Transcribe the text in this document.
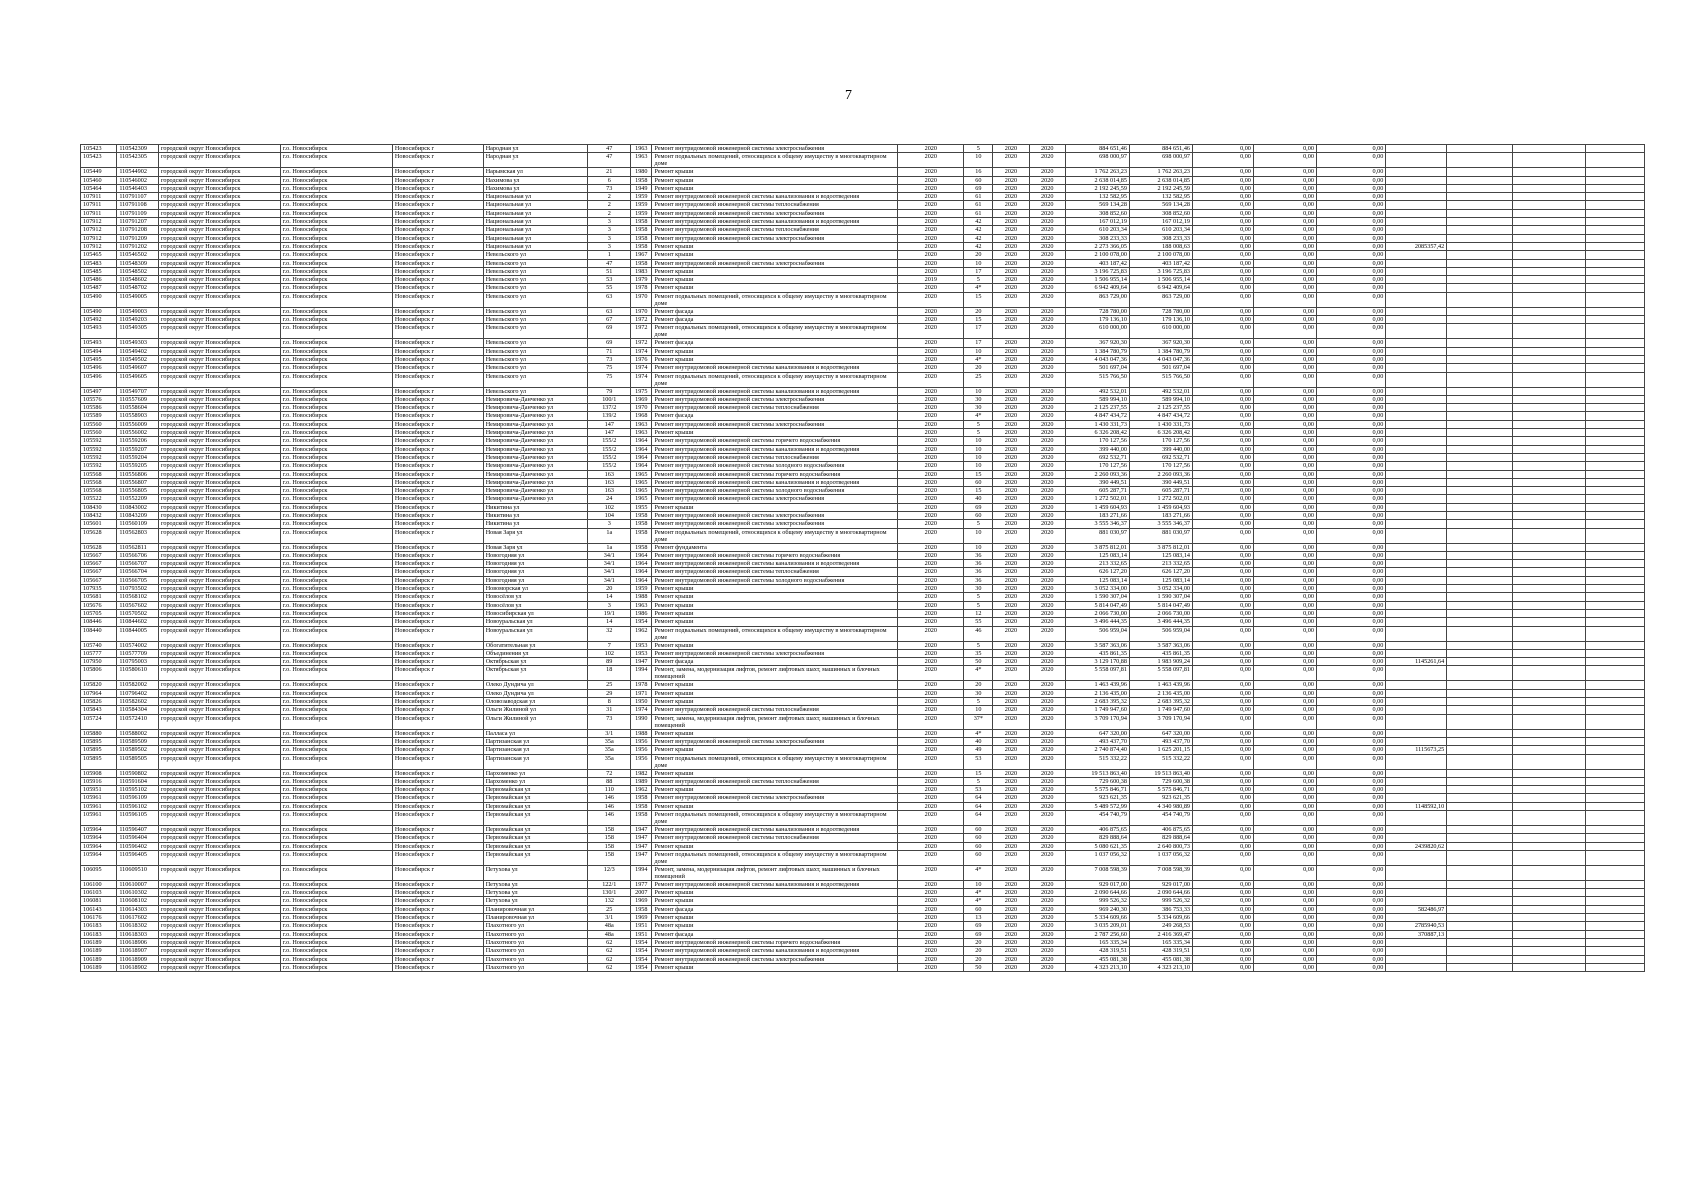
7
105423	110542309	городской округ Новосибирск	г.о. Новосибирск	Новосибирск г	Народная ул	47	1963	Ремонт внутридомовой инженерной системы электроснабжения	2020	5	2020	2020	884 651,46	884 651,46	0,00	0,00	0,00				
105423	110542305	городской округ Новосибирск	г.о. Новосибирск	Новосибирск г	Народная ул	47	1963	Ремонт подвальных помещений, относящихся к общему имуществу в многоквартирном доме	2020	10	2020	2020	698 000,97	698 000,97	0,00	0,00	0,00				
105449	110544902	городской округ Новосибирск	г.о. Новосибирск	Новосибирск г	Нарымская ул	21	1980	Ремонт крыши	2020	16	2020	2020	1 762 263,23	1 762 263,23	0,00	0,00	0,00				
105460	110546002	городской округ Новосибирск	г.о. Новосибирск	Новосибирск г	Нахимова ул	6	1958	Ремонт крыши	2020	60	2020	2020	2 638 014,85	2 638 014,85	0,00	0,00	0,00				
105464	110546403	городской округ Новосибирск	г.о. Новосибирск	Новосибирск г	Нахимова ул	73	1949	Ремонт крыши	2020	69	2020	2020	2 192 245,59	2 192 245,59	0,00	0,00	0,00				
107911	110791107	городской округ Новосибирск	г.о. Новосибирск	Новосибирск г	Национальная ул	2	1959	Ремонт внутридомовой инженерной системы канализования и водоотведения	2020	61	2020	2020	132 582,95	132 582,95	0,00	0,00	0,00				
107911	110791108	городской округ Новосибирск	г.о. Новосибирск	Новосибирск г	Национальная ул	2	1959	Ремонт внутридомовой инженерной системы теплоснабжения	2020	61	2020	2020	569 134,28	569 134,28	0,00	0,00	0,00				
107911	110791109	городской округ Новосибирск	г.о. Новосибирск	Новосибирск г	Национальная ул	2	1959	Ремонт внутридомовой инженерной системы электроснабжения	2020	61	2020	2020	308 852,60	308 852,60	0,00	0,00	0,00				
107912	110791207	городской округ Новосибирск	г.о. Новосибирск	Новосибирск г	Национальная ул	3	1958	Ремонт внутридомовой инженерной системы канализования и водоотведения	2020	42	2020	2020	167 012,19	167 012,19	0,00	0,00	0,00				
107912	110791208	городской округ Новосибирск	г.о. Новосибирск	Новосибирск г	Национальная ул	3	1958	Ремонт внутридомовой инженерной системы теплоснабжения	2020	42	2020	2020	610 203,34	610 203,34	0,00	0,00	0,00				
107912	110791209	городской округ Новосибирск	г.о. Новосибирск	Новосибирск г	Национальная ул	3	1958	Ремонт внутридомовой инженерной системы электроснабжения	2020	42	2020	2020	308 233,33	308 233,33	0,00	0,00	0,00				
107912	110791202	городской округ Новосибирск	г.о. Новосибирск	Новосибирск г	Национальная ул	3	1958	Ремонт крыши	2020	42	2020	2020	2 273 366,05	188 008,63	0,00	0,00	0,00	2085357,42			
105465	110546502	городской округ Новосибирск	г.о. Новосибирск	Новосибирск г	Невельского ул	1	1967	Ремонт крыши	2020	20	2020	2020	2 100 078,00	2 100 078,00	0,00	0,00	0,00				
105483	110548309	городской округ Новосибирск	г.о. Новосибирск	Новосибирск г	Невельского ул	47	1958	Ремонт внутридомовой инженерной системы электроснабжения	2020	10	2020	2020	403 187,42	403 187,42	0,00	0,00	0,00				
105485	110548502	городской округ Новосибирск	г.о. Новосибирск	Новосибирск г	Невельского ул	51	1983	Ремонт крыши	2020	17	2020	2020	3 196 725,83	3 196 725,83	0,00	0,00	0,00				
105486	110548602	городской округ Новосибирск	г.о. Новосибирск	Новосибирск г	Невельского ул	53	1979	Ремонт крыши	2019	5	2020	2020	1 506 955,14	1 506 955,14	0,00	0,00	0,00				
105487	110548702	городской округ Новосибирск	г.о. Новосибирск	Новосибирск г	Невельского ул	55	1978	Ремонт крыши	2020	4*	2020	2020	6 942 409,64	6 942 409,64	0,00	0,00	0,00				
105490	110549005	городской округ Новосибирск	г.о. Новосибирск	Новосибирск г	Невельского ул	63	1970	Ремонт подвальных помещений, относящихся к общему имуществу в многоквартирном доме	2020	15	2020	2020	863 729,00	863 729,00	0,00	0,00	0,00				
105490	110549003	городской округ Новосибирск	г.о. Новосибирск	Новосибирск г	Невельского ул	63	1970	Ремонт фасада	2020	20	2020	2020	728 780,00	728 780,00	0,00	0,00	0,00				
105492	110549203	городской округ Новосибирск	г.о. Новосибирск	Новосибирск г	Невельского ул	67	1972	Ремонт фасада	2020	15	2020	2020	179 136,10	179 136,10	0,00	0,00	0,00				
105493	110549305	городской округ Новосибирск	г.о. Новосибирск	Новосибирск г	Невельского ул	69	1972	Ремонт подвальных помещений, относящихся к общему имуществу в многоквартирном доме	2020	17	2020	2020	610 000,00	610 000,00	0,00	0,00	0,00				
105493	110549303	городской округ Новосибирск	г.о. Новосибирск	Новосибирск г	Невельского ул	69	1972	Ремонт фасада	2020	17	2020	2020	367 920,30	367 920,30	0,00	0,00	0,00				
105494	110549402	городской округ Новосибирск	г.о. Новосибирск	Новосибирск г	Невельского ул	71	1974	Ремонт крыши	2020	10	2020	2020	1 384 780,79	1 384 780,79	0,00	0,00	0,00				
105495	110549502	городской округ Новосибирск	г.о. Новосибирск	Новосибирск г	Невельского ул	73	1976	Ремонт крыши	2020	4*	2020	2020	4 043 047,36	4 043 047,36	0,00	0,00	0,00				
105496	110549607	городской округ Новосибирск	г.о. Новосибирск	Новосибирск г	Невельского ул	75	1974	Ремонт внутридомовой инженерной системы канализования и водоотведения	2020	20	2020	2020	501 697,04	501 697,04	0,00	0,00	0,00				
105496	110549605	городской округ Новосибирск	г.о. Новосибирск	Новосибирск г	Невельского ул	75	1974	Ремонт подвальных помещений, относящихся к общему имуществу в многоквартирном доме	2020	25	2020	2020	515 766,50	515 766,50	0,00	0,00	0,00				
105497	110549707	городской округ Новосибирск	г.о. Новосибирск	Новосибирск г	Невельского ул	79	1975	Ремонт внутридомовой инженерной системы канализования и водоотведения	2020	10	2020	2020	492 532,01	492 532,01	0,00	0,00	0,00				
105576	110557609	городской округ Новосибирск	г.о. Новосибирск	Новосибирск г	Немировича-Данченко ул	100/1	1969	Ремонт внутридомовой инженерной системы электроснабжения	2020	30	2020	2020	589 994,10	589 994,10	0,00	0,00	0,00				
105586	110558604	городской округ Новосибирск	г.о. Новосибирск	Новосибирск г	Немировича-Данченко ул	137/2	1970	Ремонт внутридомовой инженерной системы теплоснабжения	2020	30	2020	2020	2 125 237,55	2 125 237,55	0,00	0,00	0,00				
105589	110558903	городской округ Новосибирск	г.о. Новосибирск	Новосибирск г	Немировича-Данченко ул	139/2	1968	Ремонт фасада	2020	4*	2020	2020	4 847 434,72	4 847 434,72	0,00	0,00	0,00				
105560	110556009	городской округ Новосибирск	г.о. Новосибирск	Новосибирск г	Немировича-Данченко ул	147	1963	Ремонт внутридомовой инженерной системы электроснабжения	2020	5	2020	2020	1 430 331,73	1 430 331,73	0,00	0,00	0,00				
105560	110556002	городской округ Новосибирск	г.о. Новосибирск	Новосибирск г	Немировича-Данченко ул	147	1963	Ремонт крыши	2020	5	2020	2020	6 326 208,42	6 326 208,42	0,00	0,00	0,00				
105592	110559206	городской округ Новосибирск	г.о. Новосибирск	Новосибирск г	Немировича-Данченко ул	155/2	1964	Ремонт внутридомовой инженерной системы горячего водоснабжения	2020	10	2020	2020	170 127,56	170 127,56	0,00	0,00	0,00				
105592	110559207	городской округ Новосибирск	г.о. Новосибирск	Новосибирск г	Немировича-Данченко ул	155/2	1964	Ремонт внутридомовой инженерной системы канализования и водоотведения	2020	10	2020	2020	399 440,00	399 440,00	0,00	0,00	0,00				
105592	110559204	городской округ Новосибирск	г.о. Новосибирск	Новосибирск г	Немировича-Данченко ул	155/2	1964	Ремонт внутридомовой инженерной системы теплоснабжения	2020	10	2020	2020	692 532,71	692 532,71	0,00	0,00	0,00				
105592	110559205	городской округ Новосибирск	г.о. Новосибирск	Новосибирск г	Немировича-Данченко ул	155/2	1964	Ремонт внутридомовой инженерной системы холодного водоснабжения	2020	10	2020	2020	170 127,56	170 127,56	0,00	0,00	0,00				
105568	110556806	городской округ Новосибирск	г.о. Новосибирск	Новосибирск г	Немировича-Данченко ул	163	1965	Ремонт внутридомовой инженерной системы горячего водоснабжения	2020	15	2020	2020	2 260 093,36	2 260 093,36	0,00	0,00	0,00				
105568	110556807	городской округ Новосибирск	г.о. Новосибирск	Новосибирск г	Немировича-Данченко ул	163	1965	Ремонт внутридомовой инженерной системы канализования и водоотведения	2020	60	2020	2020	390 449,51	390 449,51	0,00	0,00	0,00				
105568	110556805	городской округ Новосибирск	г.о. Новосибирск	Новосибирск г	Немировича-Данченко ул	163	1965	Ремонт внутридомовой инженерной системы холодного водоснабжения	2020	15	2020	2020	605 287,71	605 287,71	0,00	0,00	0,00				
105522	110552209	городской округ Новосибирск	г.о. Новосибирск	Новосибирск г	Немировича-Данченко ул	24	1965	Ремонт внутридомовой инженерной системы электроснабжения	2020	40	2020	2020	1 272 502,01	1 272 502,01	0,00	0,00	0,00				
108430	110843002	городской округ Новосибирск	г.о. Новосибирск	Новосибирск г	Никитина ул	102	1955	Ремонт крыши	2020	69	2020	2020	1 459 604,93	1 459 604,93	0,00	0,00	0,00				
108432	110843209	городской округ Новосибирск	г.о. Новосибирск	Новосибирск г	Никитина ул	104	1958	Ремонт внутридомовой инженерной системы электроснабжения	2020	60	2020	2020	183 271,66	183 271,66	0,00	0,00	0,00				
105601	110560109	городской округ Новосибирск	г.о. Новосибирск	Новосибирск г	Никитина ул	3	1958	Ремонт внутридомовой инженерной системы электроснабжения	2020	5	2020	2020	3 555 346,37	3 555 346,37	0,00	0,00	0,00				
105628	110562803	городской округ Новосибирск	г.о. Новосибирск	Новосибирск г	Новая Заря ул	1а	1958	Ремонт подвальных помещений, относящихся к общему имуществу в многоквартирном доме	2020	10	2020	2020	881 030,97	881 030,97	0,00	0,00	0,00				
105628	110562811	городской округ Новосибирск	г.о. Новосибирск	Новосибирск г	Новая Заря ул	1а	1958	Ремонт фундамента	2020	10	2020	2020	3 875 812,01	3 875 812,01	0,00	0,00	0,00				
105667	110566706	городской округ Новосибирск	г.о. Новосибирск	Новосибирск г	Новогодняя ул	34/1	1964	Ремонт внутридомовой инженерной системы горячего водоснабжения	2020	36	2020	2020	125 083,14	125 083,14	0,00	0,00	0,00				
105667	110566707	городской округ Новосибирск	г.о. Новосибирск	Новосибирск г	Новогодняя ул	34/1	1964	Ремонт внутридомовой инженерной системы канализования и водоотведения	2020	36	2020	2020	213 332,65	213 332,65	0,00	0,00	0,00				
105667	110566704	городской округ Новосибирск	г.о. Новосибирск	Новосибирск г	Новогодняя ул	34/1	1964	Ремонт внутридомовой инженерной системы теплоснабжения	2020	36	2020	2020	626 127,20	626 127,20	0,00	0,00	0,00				
105667	110566705	городской округ Новосибирск	г.о. Новосибирск	Новосибирск г	Новогодняя ул	34/1	1964	Ремонт внутридомовой инженерной системы холодного водоснабжения	2020	36	2020	2020	125 083,14	125 083,14	0,00	0,00	0,00				
107935	110793502	городской округ Новосибирск	г.о. Новосибирск	Новосибирск г	Новоморская ул	20	1959	Ремонт крыши	2020	30	2020	2020	3 052 334,00	3 052 334,00	0,00	0,00	0,00				
105681	110568102	городской округ Новосибирск	г.о. Новосибирск	Новосибирск г	Новосёлов ул	14	1988	Ремонт крыши	2020	5	2020	2020	1 590 307,04	1 590 307,04	0,00	0,00	0,00				
105676	110567602	городской округ Новосибирск	г.о. Новосибирск	Новосибирск г	Новосёлов ул	3	1963	Ремонт крыши	2020	5	2020	2020	5 814 047,49	5 814 047,49	0,00	0,00	0,00				
105705	110570502	городской округ Новосибирск	г.о. Новосибирск	Новосибирск г	Новосибирская ул	19/1	1986	Ремонт крыши	2020	12	2020	2020	2 066 730,00	2 066 730,00	0,00	0,00	0,00				
108446	110844602	городской округ Новосибирск	г.о. Новосибирск	Новосибирск г	Новоуральская ул	14	1954	Ремонт крыши	2020	55	2020	2020	3 496 444,35	3 496 444,35	0,00	0,00	0,00				
108440	110844005	городской округ Новосибирск	г.о. Новосибирск	Новосибирск г	Новоуральская ул	32	1962	Ремонт подвальных помещений, относящихся к общему имуществу в многоквартирном доме	2020	46	2020	2020	506 959,04	506 959,04	0,00	0,00	0,00				
105740	110574002	городской округ Новосибирск	г.о. Новосибирск	Новосибирск г	Обогатительная ул	7	1953	Ремонт крыши	2020	5	2020	2020	3 587 363,06	3 587 363,06	0,00	0,00	0,00				
105777	110577709	городской округ Новосибирск	г.о. Новосибирск	Новосибирск г	Объединения ул	102	1953	Ремонт внутридомовой инженерной системы электроснабжения	2020	35	2020	2020	435 861,35	435 861,35	0,00	0,00	0,00				
107950	110795003	городской округ Новосибирск	г.о. Новосибирск	Новосибирск г	Октябрьская ул	89	1947	Ремонт фасада	2020	50	2020	2020	3 129 170,88	1 983 909,24	0,00	0,00	0,00	1145261,64			
105806	110580610	городской округ Новосибирск	г.о. Новосибирск	Новосибирск г	Октябрьская ул	18	1994	Ремонт, замена, модернизация лифтов, ремонт лифтовых шахт, машинных и блочных помещений	2020	4*	2020	2020	5 558 097,81	5 558 097,81	0,00	0,00	0,00				
105820	110582002	городской округ Новосибирск	г.о. Новосибирск	Новосибирск г	Олеко Дундича ул	25	1978	Ремонт крыши	2020	20	2020	2020	1 463 439,96	1 463 439,96	0,00	0,00	0,00				
107964	110796402	городской округ Новосибирск	г.о. Новосибирск	Новосибирск г	Олеко Дундича ул	29	1971	Ремонт крыши	2020	30	2020	2020	2 136 435,00	2 136 435,00	0,00	0,00	0,00				
105826	110582602	городской округ Новосибирск	г.о. Новосибирск	Новосибирск г	Оловозаводская ул	8	1950	Ремонт крыши	2020	5	2020	2020	2 683 395,32	2 683 395,32	0,00	0,00	0,00				
105843	110584304	городской округ Новосибирск	г.о. Новосибирск	Новосибирск г	Ольги Жилиной ул	31	1974	Ремонт внутридомовой инженерной системы теплоснабжения	2020	10	2020	2020	1 749 947,60	1 749 947,60	0,00	0,00	0,00				
105724	110572410	городской округ Новосибирск	г.о. Новосибирск	Новосибирск г	Ольги Жилиной ул	73	1990	Ремонт, замена, модернизация лифтов, ремонт лифтовых шахт, машинных и блочных помещений	2020	37*	2020	2020	3 709 170,94	3 709 170,94	0,00	0,00	0,00				
105880	110588002	городской округ Новосибирск	г.о. Новосибирск	Новосибирск г	Палласа ул	3/1	1988	Ремонт крыши	2020	4*	2020	2020	647 320,00	647 320,00	0,00	0,00	0,00				
105895	110589509	городской округ Новосибирск	г.о. Новосибирск	Новосибирск г	Партизанская ул	35а	1956	Ремонт внутридомовой инженерной системы электроснабжения	2020	40	2020	2020	493 437,70	493 437,70	0,00	0,00	0,00				
105895	110589502	городской округ Новосибирск	г.о. Новосибирск	Новосибирск г	Партизанская ул	35а	1956	Ремонт крыши	2020	49	2020	2020	2 740 874,40	1 625 201,15	0,00	0,00	0,00	1115673,25			
105895	110589505	городской округ Новосибирск	г.о. Новосибирск	Новосибирск г	Партизанская ул	35а	1956	Ремонт подвальных помещений, относящихся к общему имуществу в многоквартирном доме	2020	53	2020	2020	515 332,22	515 332,22	0,00	0,00	0,00				
105908	110590802	городской округ Новосибирск	г.о. Новосибирск	Новосибирск г	Пархоменко ул	72	1982	Ремонт крыши	2020	15	2020	2020	19 513 863,40	19 513 863,40	0,00	0,00	0,00				
105916	110591604	городской округ Новосибирск	г.о. Новосибирск	Новосибирск г	Пархоменко ул	88	1989	Ремонт внутридомовой инженерной системы теплоснабжения	2020	5	2020	2020	729 600,38	729 600,38	0,00	0,00	0,00				
105951	110595102	городской округ Новосибирск	г.о. Новосибирск	Новосибирск г	Первомайская ул	110	1962	Ремонт крыши	2020	53	2020	2020	5 575 846,71	5 575 846,71	0,00	0,00	0,00				
105961	110596109	городской округ Новосибирск	г.о. Новосибирск	Новосибирск г	Первомайская ул	146	1958	Ремонт внутридомовой инженерной системы электроснабжения	2020	64	2020	2020	923 621,35	923 621,35	0,00	0,00	0,00				
105961	110596102	городской округ Новосибирск	г.о. Новосибирск	Новосибирск г	Первомайская ул	146	1958	Ремонт крыши	2020	64	2020	2020	5 489 572,99	4 340 980,89	0,00	0,00	0,00	1148592,10			
105961	110596105	городской округ Новосибирск	г.о. Новосибирск	Новосибирск г	Первомайская ул	146	1958	Ремонт подвальных помещений, относящихся к общему имуществу в многоквартирном доме	2020	64	2020	2020	454 740,79	454 740,79	0,00	0,00	0,00				
105964	110596407	городской округ Новосибирск	г.о. Новосибирск	Новосибирск г	Первомайская ул	158	1947	Ремонт внутридомовой инженерной системы канализования и водоотведения	2020	60	2020	2020	406 875,65	406 875,65	0,00	0,00	0,00				
105964	110596404	городской округ Новосибирск	г.о. Новосибирск	Новосибирск г	Первомайская ул	158	1947	Ремонт внутридомовой инженерной системы теплоснабжения	2020	60	2020	2020	829 888,64	829 888,64	0,00	0,00	0,00				
105964	110596402	городской округ Новосибирск	г.о. Новосибирск	Новосибирск г	Первомайская ул	158	1947	Ремонт крыши	2020	60	2020	2020	5 080 621,35	2 640 800,73	0,00	0,00	0,00	2439820,62			
105964	110596405	городской округ Новосибирск	г.о. Новосибирск	Новосибирск г	Первомайская ул	158	1947	Ремонт подвальных помещений, относящихся к общему имуществу в многоквартирном доме	2020	60	2020	2020	1 037 056,32	1 037 056,32	0,00	0,00	0,00				
106095	110609510	городской округ Новосибирск	г.о. Новосибирск	Новосибирск г	Петухова ул	12/3	1994	Ремонт, замена, модернизация лифтов, ремонт лифтовых шахт, машинных и блочных помещений	2020	4*	2020	2020	7 008 598,39	7 008 598,39	0,00	0,00	0,00				
106100	110610007	городской округ Новосибирск	г.о. Новосибирск	Новосибирск г	Петухова ул	122/1	1977	Ремонт внутридомовой инженерной системы канализования и водоотведения	2020	10	2020	2020	929 017,00	929 017,00	0,00	0,00	0,00				
106103	110610302	городской округ Новосибирск	г.о. Новосибирск	Новосибирск г	Петухова ул	130/1	2007	Ремонт крыши	2020	4*	2020	2020	2 090 644,66	2 090 644,66	0,00	0,00	0,00				
106081	110608102	городской округ Новосибирск	г.о. Новосибирск	Новосибирск г	Петухова ул	132	1969	Ремонт крыши	2020	4*	2020	2020	999 526,32	999 526,32	0,00	0,00	0,00				
106143	110614303	городской округ Новосибирск	г.о. Новосибирск	Новосибирск г	Планировочная ул	25	1958	Ремонт фасада	2020	60	2020	2020	969 240,30	386 753,33	0,00	0,00	0,00	582486,97			
106176	110617602	городской округ Новосибирск	г.о. Новосибирск	Новосибирск г	Планировочная ул	3/1	1969	Ремонт крыши	2020	13	2020	2020	5 334 609,66	5 334 609,66	0,00	0,00	0,00				
106183	110618302	городской округ Новосибирск	г.о. Новосибирск	Новосибирск г	Плахотного ул	48а	1951	Ремонт крыши	2020	69	2020	2020	3 035 209,01	249 268,53	0,00	0,00	0,00	2785940,53			
106183	110618303	городской округ Новосибирск	г.о. Новосибирск	Новосибирск г	Плахотного ул	48а	1951	Ремонт фасада	2020	69	2020	2020	2 787 256,60	2 416 369,47	0,00	0,00	0,00	370887,13			
106189	110618906	городской округ Новосибирск	г.о. Новосибирск	Новосибирск г	Плахотного ул	62	1954	Ремонт внутридомовой инженерной системы горячего водоснабжения	2020	20	2020	2020	165 335,34	165 335,34	0,00	0,00	0,00				
106189	110618907	городской округ Новосибирск	г.о. Новосибирск	Новосибирск г	Плахотного ул	62	1954	Ремонт внутридомовой инженерной системы канализования и водоотведения	2020	20	2020	2020	428 319,51	428 319,51	0,00	0,00	0,00				
106189	110618909	городской округ Новосибирск	г.о. Новосибирск	Новосибирск г	Плахотного ул	62	1954	Ремонт внутридомовой инженерной системы электроснабжения	2020	20	2020	2020	455 081,38	455 081,38	0,00	0,00	0,00				
106189	110618902	городской округ Новосибирск	г.о. Новосибирск	Новосибирск г	Плахотного ул	62	1954	Ремонт крыши	2020	50	2020	2020	4 323 213,10	4 323 213,10	0,00	0,00	0,00				
